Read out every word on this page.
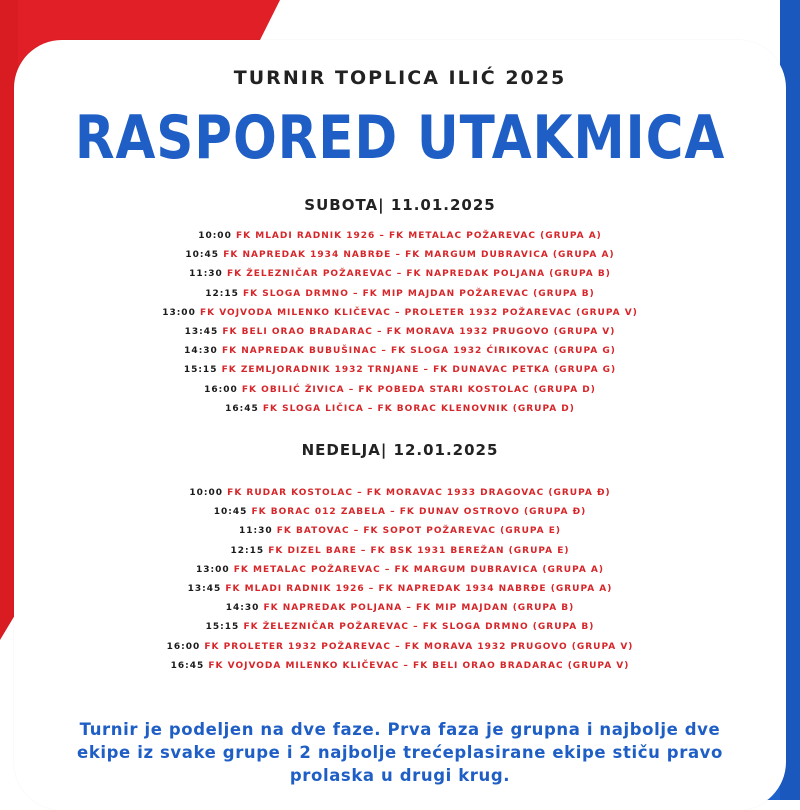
TURNIR TOPLICA ILIĆ 2025
RASPORED UTAKMICA
SUBOTA| 11.01.2025
10:00 FK MLADI RADNIK 1926 – FK METALAC POŽAREVAC (GRUPA A)
10:45 FK NAPREDAK 1934 NABRĐE – FK MARGUM DUBRAVICA (GRUPA A)
11:30 FK ŽELEZNIČAR POŽAREVAC – FK NAPREDAK POLJANA (GRUPA B)
12:15 FK SLOGA DRMNO – FK MIP MAJDAN POŽAREVAC (GRUPA B)
13:00 FK VOJVODA MILENKO KLIČEVAC – PROLETER 1932 POŽAREVAC (GRUPA V)
13:45 FK BELI ORAO BRADARAC – FK MORAVA 1932 PRUGOVO (GRUPA V)
14:30 FK NAPREDAK BUBUŠINAC – FK SLOGA 1932 ĆIRIKOVAC (GRUPA G)
15:15 FK ZEMLJORADNIK 1932 TRNJANE – FK DUNAVAC PETKA (GRUPA G)
16:00 FK OBILIĆ ŽIVICA – FK POBEDA STARI KOSTOLAC (GRUPA D)
16:45 FK SLOGA LIČICA – FK BORAC KLENOVNIK (GRUPA D)
NEDELJA| 12.01.2025
10:00 FK RUDAR KOSTOLAC – FK MORAVAC 1933 DRAGOVAC (GRUPA Đ)
10:45 FK BORAC 012 ZABELA – FK DUNAV OSTROVO (GRUPA Đ)
11:30 FK BATOVAC – FK SOPOT POŽAREVAC (GRUPA E)
12:15 FK DIZEL BARE – FK BSK 1931 BEREŽAN (GRUPA E)
13:00 FK METALAC POŽAREVAC – FK MARGUM DUBRAVICA (GRUPA A)
13:45 FK MLADI RADNIK 1926 – FK NAPREDAK 1934 NABRĐE (GRUPA A)
14:30 FK NAPREDAK POLJANA – FK MIP MAJDAN (GRUPA B)
15:15 FK ŽELEZNIČAR POŽAREVAC – FK SLOGA DRMNO (GRUPA B)
16:00 FK PROLETER 1932 POŽAREVAC – FK MORAVA 1932 PRUGOVO (GRUPA V)
16:45 FK VOJVODA MILENKO KLIČEVAC – FK BELI ORAO BRADARAC (GRUPA V)
Turnir je podeljen na dve faze. Prva faza je grupna i najbolje dve
ekipe iz svake grupe i 2 najbolje trećeplasirane ekipe stiču pravo
prolaska u drugi krug.
